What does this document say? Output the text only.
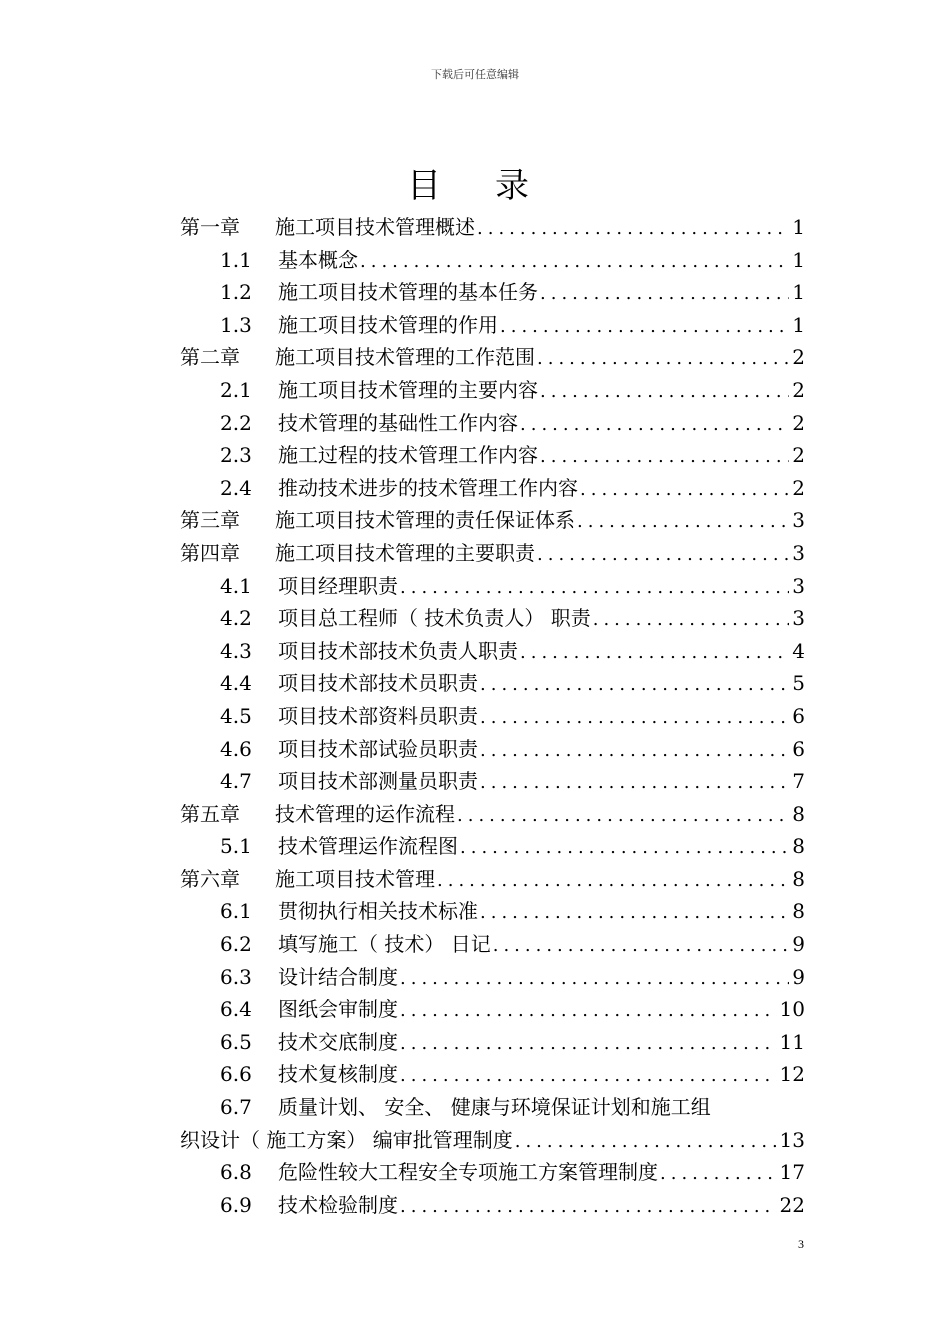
下载后可任意编辑
目录
第一章	施工项目技术管理概述 .....	1
1.1	基本概念 .....	1
1.2	施工项目技术管理的基本任务 .....	1
1.3	施工项目技术管理的作用 .....	1
第二章	施工项目技术管理的工作范围 .....	2
2.1	施工项目技术管理的主要内容 .....	2
2.2	技术管理的基础性工作内容 .....	2
2.3	施工过程的技术管理工作内容 .....	2
2.4	推动技术进步的技术管理工作内容 .....	2
第三章	施工项目技术管理的责任保证体系 .....	3
第四章	施工项目技术管理的主要职责 .....	3
4.1	项目经理职责 .....	3
4.2	项目总工程师（ 技术负责人） 职责 .....	3
4.3	项目技术部技术负责人职责 .....	4
4.4	项目技术部技术员职责 .....	5
4.5	项目技术部资料员职责 .....	6
4.6	项目技术部试验员职责 .....	6
4.7	项目技术部测量员职责 .....	7
第五章	技术管理的运作流程 .....	8
5.1	技术管理运作流程图 .....	8
第六章	施工项目技术管理 .....	8
6.1	贯彻执行相关技术标准 .....	8
6.2	填写施工（ 技术） 日记 .....	9
6.3	设计结合制度 .....	9
6.4	图纸会审制度 .....	10
6.5	技术交底制度 .....	11
6.6	技术复核制度 .....	12
6.7 质量计划、 安全、 健康与环境保证计划和施工组
织设计（ 施工方案） 编审批管理制度 .....	13
6.8	危险性较大工程安全专项施工方案管理制度 .....	17
6.9	技术检验制度 .....	22
3
